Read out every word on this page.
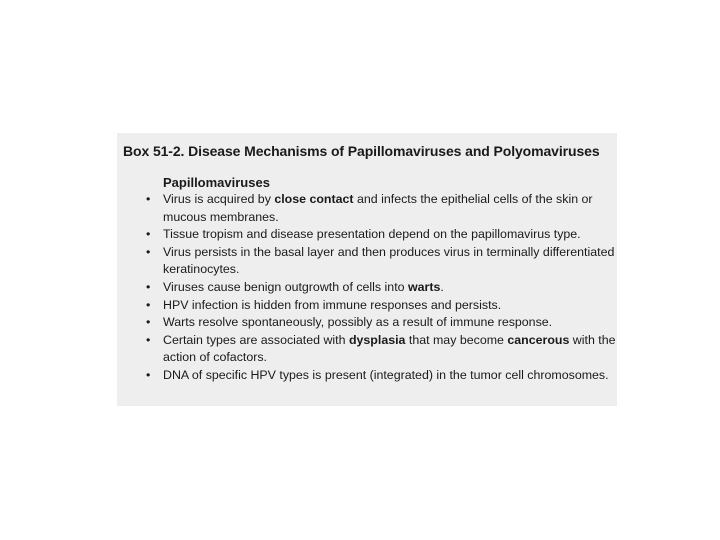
Box 51-2. Disease Mechanisms of Papillomaviruses and Polyomaviruses
Papillomaviruses
•	Virus is acquired by close contact and infects the epithelial cells of the skin or mucous membranes.
•	Tissue tropism and disease presentation depend on the papillomavirus type.
•	Virus persists in the basal layer and then produces virus in terminally differentiated keratinocytes.
•	Viruses cause benign outgrowth of cells into warts.
•	HPV infection is hidden from immune responses and persists.
•	Warts resolve spontaneously, possibly as a result of immune response.
•	Certain types are associated with dysplasia that may become cancerous with the action of cofactors.
•	DNA of specific HPV types is present (integrated) in the tumor cell chromosomes.
